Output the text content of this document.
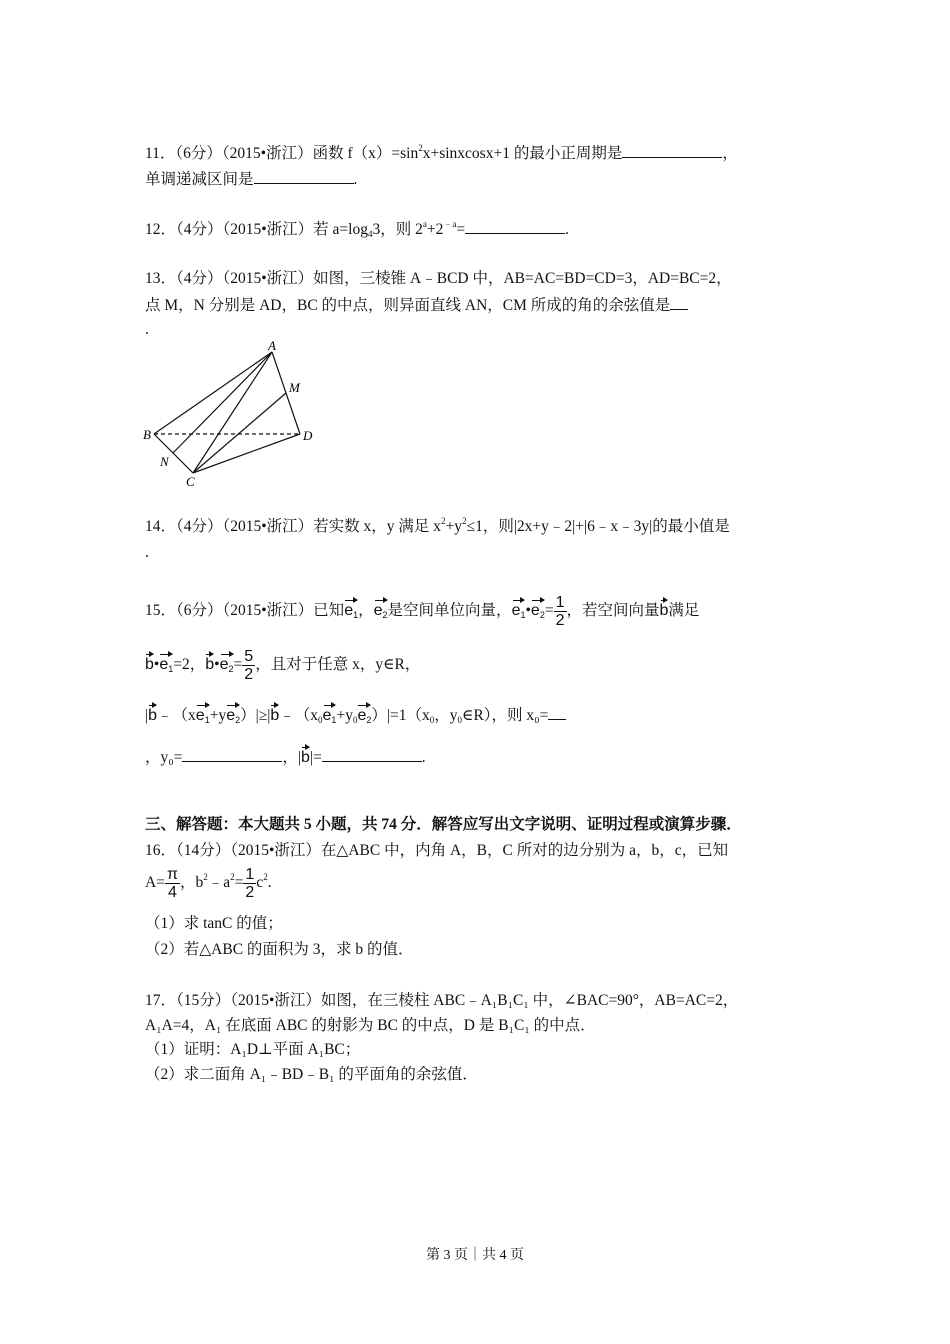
11．（6分）（2015•浙江）函数 $f(x)=\sin^2x+sinxcosx+1$ 的最小正周期是	，
单调递减区间是	.
12．（4分）（2015•浙江）若 $a=\log_43$，则 $2^a+2^{﹣a}=$	.
13．（4分）（2015•浙江）如图，三棱锥 A﹣BCD 中，AB=AC=BD=CD=3，AD=BC=2，
点 M，N 分别是 AD，BC 的中点，则异面直线 AN，CM 所成的角的余弦值是
.
A
B
C
D
M
N
14．（4分）（2015•浙江）若实数 x，y 满足 $x^2+y^2\le 1$，则|2x+y﹣2|+|6﹣x﹣3y|的最小值是
.
15．（6分）（2015•浙江）已知$e_1$，$e_2$是空间单位向量，$e_1•e_2= \frac{1}{2}$ ，若空间向量b满足
$b•e_1=2$，$b•e_2= \frac{5}{2}$ ，且对于任意 x，y∈R，
$|b﹣(xe_1+ye_2)|\ge|b﹣(x_0e_1+y_0e_2)|=1(x_0$，$y_0\in R$），则 x₀=
，y₀=	，|b|=	.
三、解答题：本大题共 5 小题，共 74 分．解答应写出文字说明、证明过程或演算步骤．
16．（14分）（2015•浙江）在△ABC 中，内角 A，B，C 所对的边分别为 a，b，c，已知
$A= \frac{\pi}{4}$ ，$b^2﹣a^2= \frac{1}{2} c^2$.
（1）求 tanC 的值；
（2）若△ABC 的面积为 3，求 b 的值．
17．（15分）（2015•浙江）如图，在三棱柱 ABC﹣A₁B₁C₁ 中，∠BAC=90°，AB=AC=2，
A₁A=4，A₁ 在底面 ABC 的射影为 BC 的中点，D 是 B₁C₁ 的中点．
（1）证明：A₁D⊥平面 A₁BC；
（2）求二面角 A₁﹣BD﹣B₁ 的平面角的余弦值．
第 3 页｜共 4 页
